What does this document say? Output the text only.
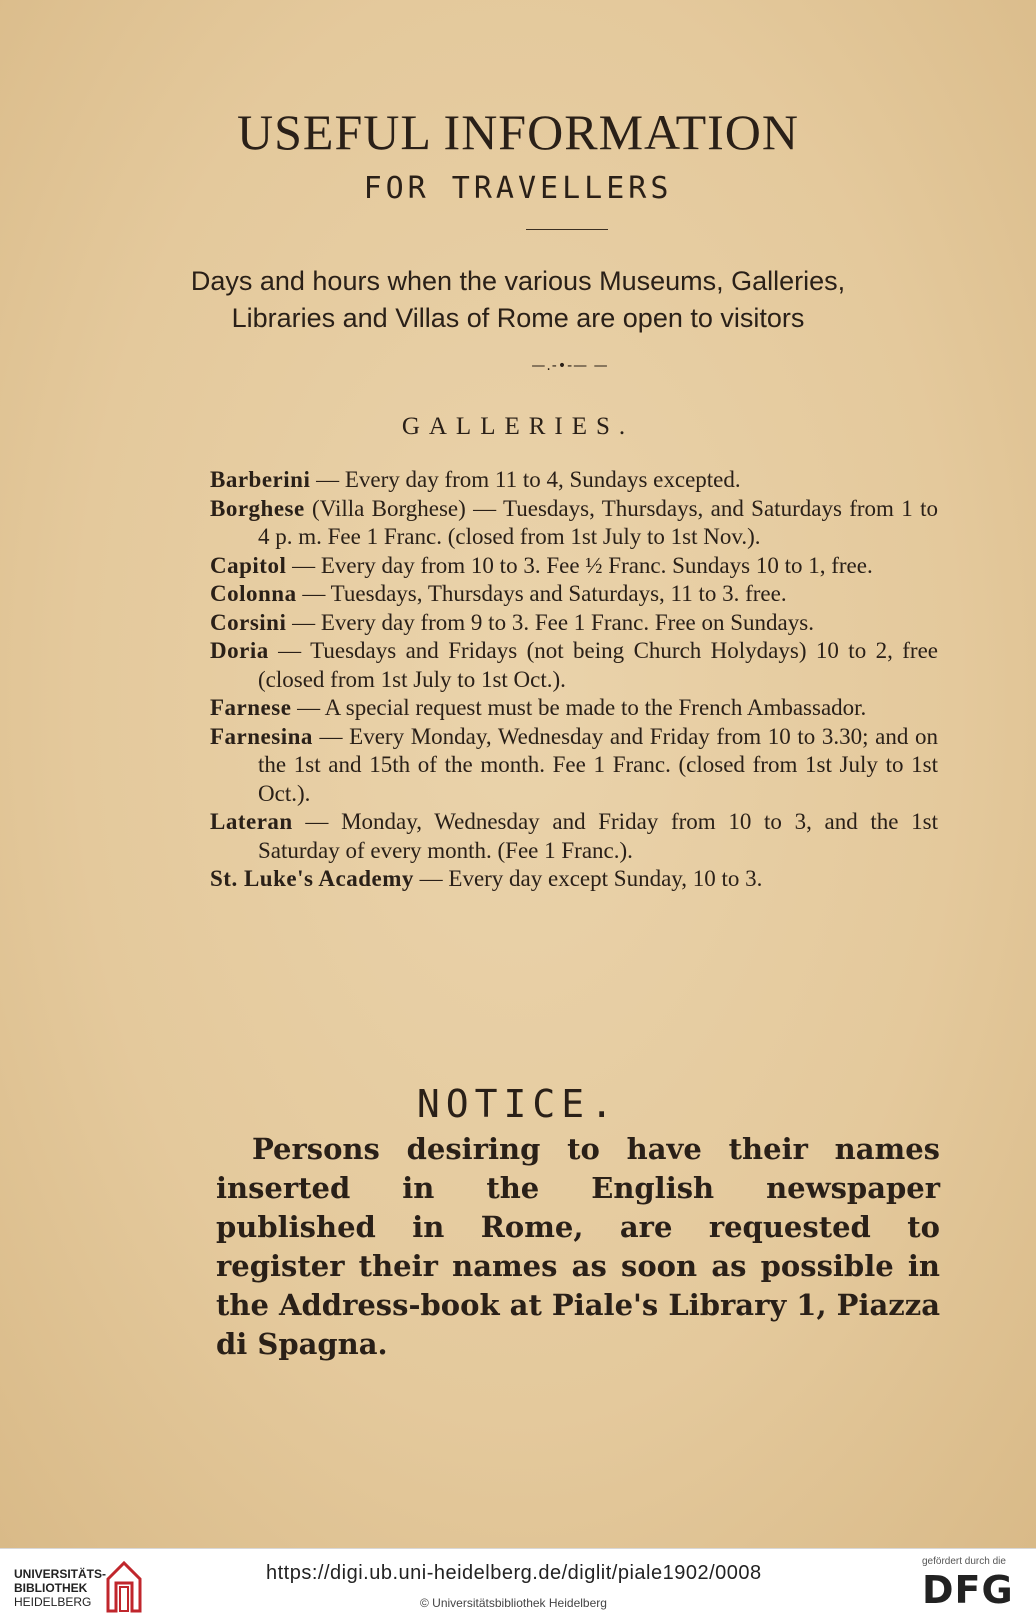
USEFUL INFORMATION
FOR TRAVELLERS
Days and hours when the various Museums, Galleries,
Libraries and Villas of Rome are open to visitors
—.-•-— —
GALLERIES.

Barberini — Every day from 11 to 4, Sundays excepted.

Borghese (Villa Borghese) — Tuesdays, Thursdays, and Saturdays from 1 to 4 p. m. Fee 1 Franc. (closed from 1st July to 1st Nov.).

Capitol — Every day from 10 to 3. Fee ½ Franc. Sundays 10 to 1, free.

Colonna — Tuesdays, Thursdays and Saturdays, 11 to 3. free.

Corsini — Every day from 9 to 3. Fee 1 Franc. Free on Sundays.

Doria — Tuesdays and Fridays (not being Church Holydays) 10 to 2, free (closed from 1st July to 1st Oct.).

Farnese — A special request must be made to the French Ambassador.

Farnesina — Every Monday, Wednesday and Friday from 10 to 3.30; and on the 1st and 15th of the month. Fee 1 Franc. (closed from 1st July to 1st Oct.).

Lateran — Monday, Wednesday and Friday from 10 to 3, and the 1st Saturday of every month. (Fee 1 Franc.).

St. Luke's Academy — Every day except Sunday, 10 to 3.

NOTICE.
Persons desiring to have their names inserted in the English newspaper published in Rome, are requested to register their names as soon as possible in the Address-book at Piale's Library 1, Piazza di Spagna.
UNIVERSITÄTS-
BIBLIOTHEK
HEIDELBERG
https://digi.ub.uni-heidelberg.de/diglit/piale1902/0008
© Universitätsbibliothek Heidelberg
gefördert durch die
DFG
